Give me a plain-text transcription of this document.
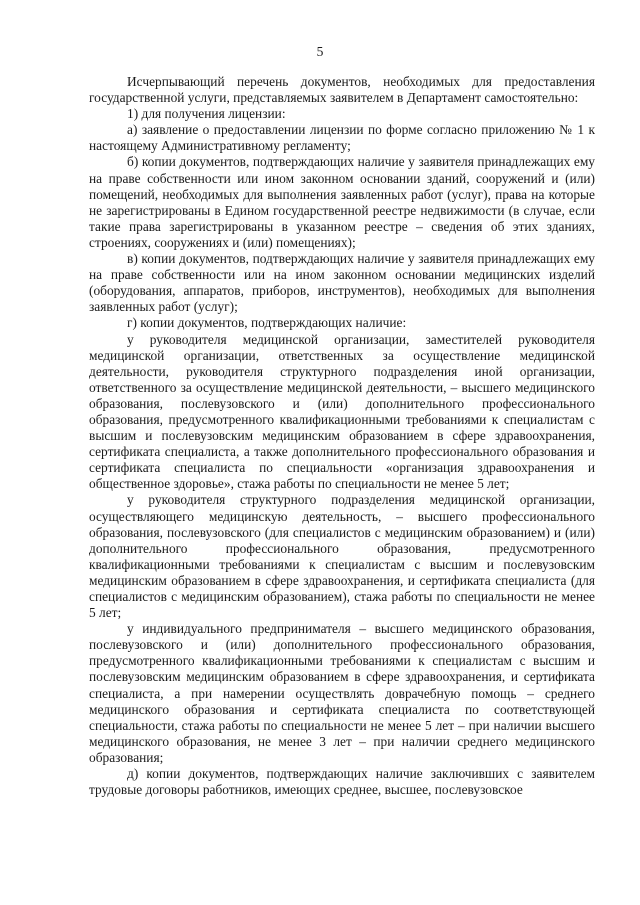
5

Исчерпывающий перечень документов, необходимых для предоставления государственной услуги, представляемых заявителем в Департамент самостоятельно:

1) для получения лицензии:

а) заявление о предоставлении лицензии по форме согласно приложению № 1 к настоящему Административному регламенту;

б) копии документов, подтверждающих наличие у заявителя принадлежащих ему на праве собственности или ином законном основании зданий, сооружений и (или) помещений, необходимых для выполнения заявленных работ (услуг), права на которые не зарегистрированы в Едином государственной реестре недвижимости (в случае, если такие права зарегистрированы в указанном реестре – сведения об этих зданиях, строениях, сооружениях и (или) помещениях);

в) копии документов, подтверждающих наличие у заявителя принадлежащих ему на праве собственности или на ином законном основании медицинских изделий (оборудования, аппаратов, приборов, инструментов), необходимых для выполнения заявленных работ (услуг);

г) копии документов, подтверждающих наличие:

у руководителя медицинской организации, заместителей руководителя медицинской организации, ответственных за осуществление медицинской деятельности, руководителя структурного подразделения иной организации, ответственного за осуществление медицинской деятельности, – высшего медицинского образования, послевузовского и (или) дополнительного профессионального образования, предусмотренного квалификационными требованиями к специалистам с высшим и послевузовским медицинским образованием в сфере здравоохранения, сертификата специалиста, а также дополнительного профессионального образования и сертификата специалиста по специальности «организация здравоохранения и общественное здоровье», стажа работы по специальности не менее 5 лет;

у руководителя структурного подразделения медицинской организации, осуществляющего медицинскую деятельность, – высшего профессионального образования, послевузовского (для специалистов с медицинским образованием) и (или) дополнительного профессионального образования, предусмотренного квалификационными требованиями к специалистам с высшим и послевузовским медицинским образованием в сфере здравоохранения, и сертификата специалиста (для специалистов с медицинским образованием), стажа работы по специальности не менее 5 лет;

у индивидуального предпринимателя – высшего медицинского образования, послевузовского и (или) дополнительного профессионального образования, предусмотренного квалификационными требованиями к специалистам с высшим и послевузовским медицинским образованием в сфере здравоохранения, и сертификата специалиста, а при намерении осуществлять доврачебную помощь – среднего медицинского образования и сертификата специалиста по соответствующей специальности, стажа работы по специальности не менее 5 лет – при наличии высшего медицинского образования, не менее 3 лет – при наличии среднего медицинского образования;

д) копии документов, подтверждающих наличие заключивших с заявителем трудовые договоры работников, имеющих среднее, высшее, послевузовское
